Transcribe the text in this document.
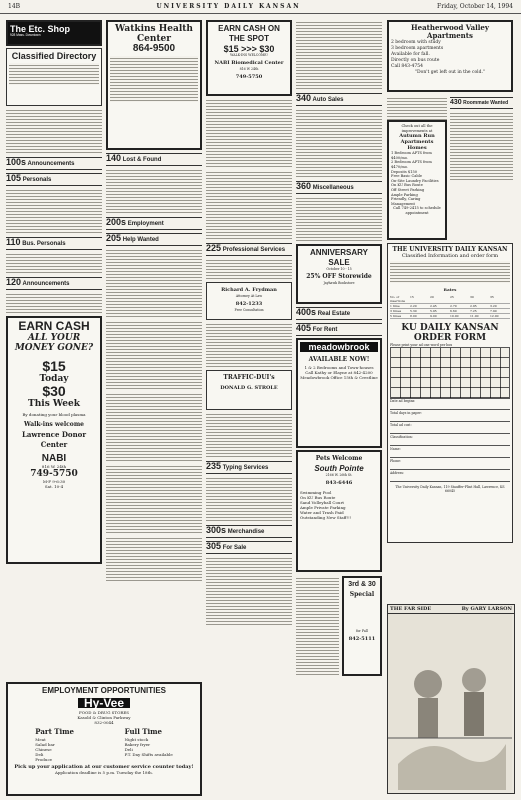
14B	UNIVERSITY DAILY KANSAN	Friday, October 14, 1994
The Etc. Shop
928 Mass. Downtown
Classified Directory
100s Announcements
105 Personals
110 Bus. Personals
120 Announcements
EARN CASH
ALL YOUR MONEY GONE?
$15
Today
$30
This Week
By donating your blood plasma
Walk-ins welcome
Lawrence Donor Center
NABI
816 W. 24th
749-5750
M-F 9-6:30
Sat. 10-4
EMPLOYMENT OPPORTUNITIES
Hy-Vee
FOOD & DRUG STORES
Kasold & Clinton Parkway
832-0044
Part Time
Meat
Salad bar
Chinese
Deli
Produce
Full Time
Night stock
Bakery fryer
Deli
P.T. Day Shifts available
Pick up your application at our customer service counter today!
Application deadline is 5 p.m. Tuesday the 18th.
Watkins Health Center
864-9500
140 Lost & Found
200s Employment
205 Help Wanted
EARN CASH ON THE SPOT
$15 >>> $30
WALK-INS WELCOME!
NABI Biomedical Center
816 W 24th
749-5750
225 Professional Services
Richard A. Frydman
Attorney At Law
842-1233
Free Consultation
TRAFFIC-DUI's
DONALD G. STROLE
235 Typing Services
300s Merchandise
305 For Sale
340 Auto Sales
360 Miscellaneous
ANNIVERSARY SALE
October 10 - 15
25% OFF Storewide
Jayhawk Bookstore
400s Real Estate
405 For Rent
meadowbrook
AVAILABLE NOW!
1 & 2 Bedrooms and Town-houses
Call Kathy or Elayne at 842-4200
Meadowbrook Office 15th & Crestline
Pets Welcome
South Pointe
2166 W. 26th St.
843-6446
Swimming Pool
On KU Bus Route
Sand Volleyball Court
Ample Private Parking
Water and Trash Paid
Outstanding New Staff!!!
3rd & 30
Special
for Fall
842-5111
Heatherwood Valley Apartments
2 bedroom with study
3 bedroom apartments
Available for fall.
Directly on bus route
Call 843-4754
"Don't get left out in the cold."
430 Roommate Wanted
Check out all the improvements at
Autumn Run Apartments Homes
1 Bedroom APTS from $400/mo.
2 Bedroom APTS from $470/mo.
Deposits $150
Free Basic Cable
On-Site Laundry Facilities
On KU Bus Route
Off Street Parking
Ample Parking
Friendly, Caring Management
Call 749-2415 to schedule appointment
THE UNIVERSITY DAILY KANSAN
Classified Information and order form
Rates
No. of insertions
15	20	25	30	35
1 time	2.20	2.45	2.70	2.95	3.20
3 times	5.30	5.95	6.60	7.25	7.90
5 times	8.00	9.00	10.00	11.00	12.00
KU DAILY KANSAN ORDER FORM
Please print your ad one word per box
Date ad begins:
Total days in paper:
Total ad cost:
Classification:
Name:
Phone:
Address:
The University Daily Kansan, 119 Stauffer-Flint Hall, Lawrence, KS 66045
THE FAR SIDE	By GARY LARSON
